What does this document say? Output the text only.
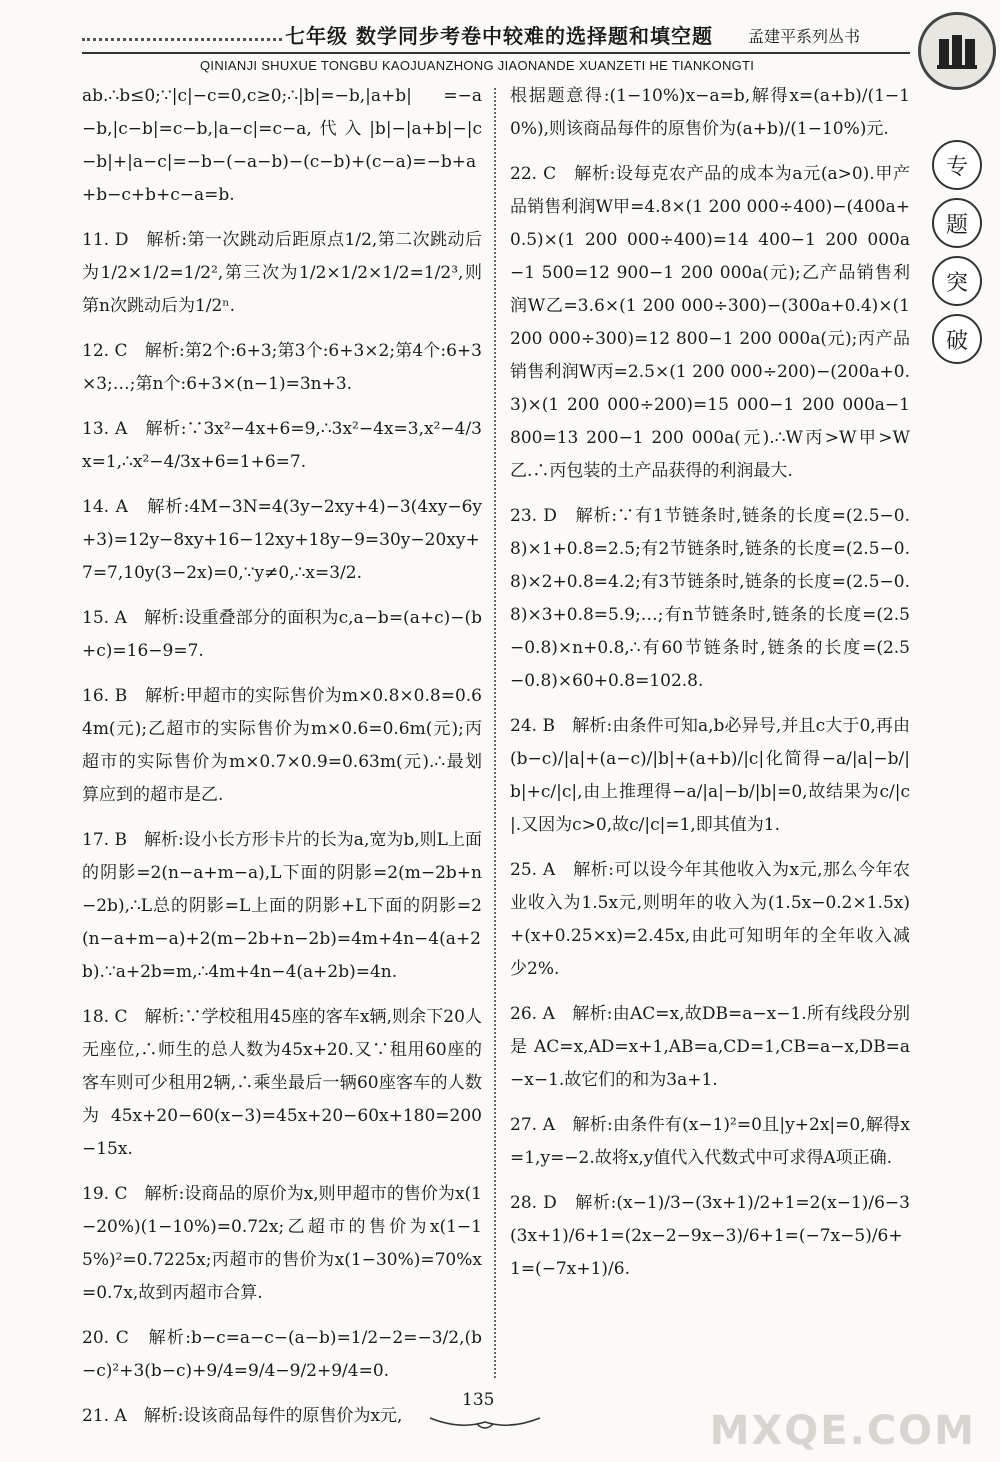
七年级 数学同步考卷中较难的选择题和填空题 孟建平系列丛书
QINIANJI SHUXUE TONGBU KAOJUANZHONG JIAONANDE XUANZETI HE TIANKONGTI
专
题
突
破

ab.∴b≤0;∵|c|−c=0,c≥0;∴|b|=−b,|a+b| =−a−b,|c−b|=c−b,|a−c|=c−a,代入|b|−|a+b|−|c−b|+|a−c|=−b−(−a−b)−(c−b)+(c−a)=−b+a+b−c+b+c−a=b.

11. D　解析:第一次跳动后距原点1/2,第二次跳动后为1/2×1/2=1/2²,第三次为1/2×1/2×1/2=1/2³,则第n次跳动后为1/2ⁿ.

12. C　解析:第2个:6+3;第3个:6+3×2;第4个:6+3×3;…;第n个:6+3×(n−1)=3n+3.

13. A　解析:∵3x²−4x+6=9,∴3x²−4x=3,x²−4/3x=1,∴x²−4/3x+6=1+6=7.

14. A　解析:4M−3N=4(3y−2xy+4)−3(4xy−6y+3)=12y−8xy+16−12xy+18y−9=30y−20xy+7=7,10y(3−2x)=0,∵y≠0,∴x=3/2.

15. A　解析:设重叠部分的面积为c,a−b=(a+c)−(b+c)=16−9=7.

16. B　解析:甲超市的实际售价为m×0.8×0.8=0.64m(元);乙超市的实际售价为m×0.6=0.6m(元);丙超市的实际售价为m×0.7×0.9=0.63m(元).∴最划算应到的超市是乙.

17. B　解析:设小长方形卡片的长为a,宽为b,则L上面的阴影=2(n−a+m−a),L下面的阴影=2(m−2b+n−2b),∴L总的阴影=L上面的阴影+L下面的阴影=2(n−a+m−a)+2(m−2b+n−2b)=4m+4n−4(a+2b).∵a+2b=m,∴4m+4n−4(a+2b)=4n.

18. C　解析:∵学校租用45座的客车x辆,则余下20人无座位,∴师生的总人数为45x+20.又∵租用60座的客车则可少租用2辆,∴乘坐最后一辆60座客车的人数为45x+20−60(x−3)=45x+20−60x+180=200−15x.

19. C　解析:设商品的原价为x,则甲超市的售价为x(1−20%)(1−10%)=0.72x;乙超市的售价为x(1−15%)²=0.7225x;丙超市的售价为x(1−30%)=70%x=0.7x,故到丙超市合算.

20. C　解析:b−c=a−c−(a−b)=1/2−2=−3/2,(b−c)²+3(b−c)+9/4=9/4−9/2+9/4=0.

21. A　解析:设该商品每件的原售价为x元,

根据题意得:(1−10%)x−a=b,解得x=(a+b)/(1−10%),则该商品每件的原售价为(a+b)/(1−10%)元.

22. C　解析:设每克农产品的成本为a元(a>0).甲产品销售利润W甲=4.8×(1 200 000÷400)−(400a+0.5)×(1 200 000÷400)=14 400−1 200 000a−1 500=12 900−1 200 000a(元);乙产品销售利润W乙=3.6×(1 200 000÷300)−(300a+0.4)×(1 200 000÷300)=12 800−1 200 000a(元);丙产品销售利润W丙=2.5×(1 200 000÷200)−(200a+0.3)×(1 200 000÷200)=15 000−1 200 000a−1 800=13 200−1 200 000a(元).∴W丙>W甲>W乙.∴丙包装的土产品获得的利润最大.

23. D　解析:∵有1节链条时,链条的长度=(2.5−0.8)×1+0.8=2.5;有2节链条时,链条的长度=(2.5−0.8)×2+0.8=4.2;有3节链条时,链条的长度=(2.5−0.8)×3+0.8=5.9;…;有n节链条时,链条的长度=(2.5−0.8)×n+0.8,∴有60节链条时,链条的长度=(2.5−0.8)×60+0.8=102.8.

24. B　解析:由条件可知a,b必异号,并且c大于0,再由(b−c)/|a|+(a−c)/|b|+(a+b)/|c|化简得−a/|a|−b/|b|+c/|c|,由上推理得−a/|a|−b/|b|=0,故结果为c/|c|.又因为c>0,故c/|c|=1,即其值为1.

25. A　解析:可以设今年其他收入为x元,那么今年农业收入为1.5x元,则明年的收入为(1.5x−0.2×1.5x)+(x+0.25×x)=2.45x,由此可知明年的全年收入减少2%.

26. A　解析:由AC=x,故DB=a−x−1.所有线段分别是AC=x,AD=x+1,AB=a,CD=1,CB=a−x,DB=a−x−1.故它们的和为3a+1.

27. A　解析:由条件有(x−1)²=0且|y+2x|=0,解得x=1,y=−2.故将x,y值代入代数式中可求得A项正确.

28. D　解析:(x−1)/3−(3x+1)/2+1=2(x−1)/6−3(3x+1)/6+1=(2x−2−9x−3)/6+1=(−7x−5)/6+1=(−7x+1)/6.

135
MXQE.COM
